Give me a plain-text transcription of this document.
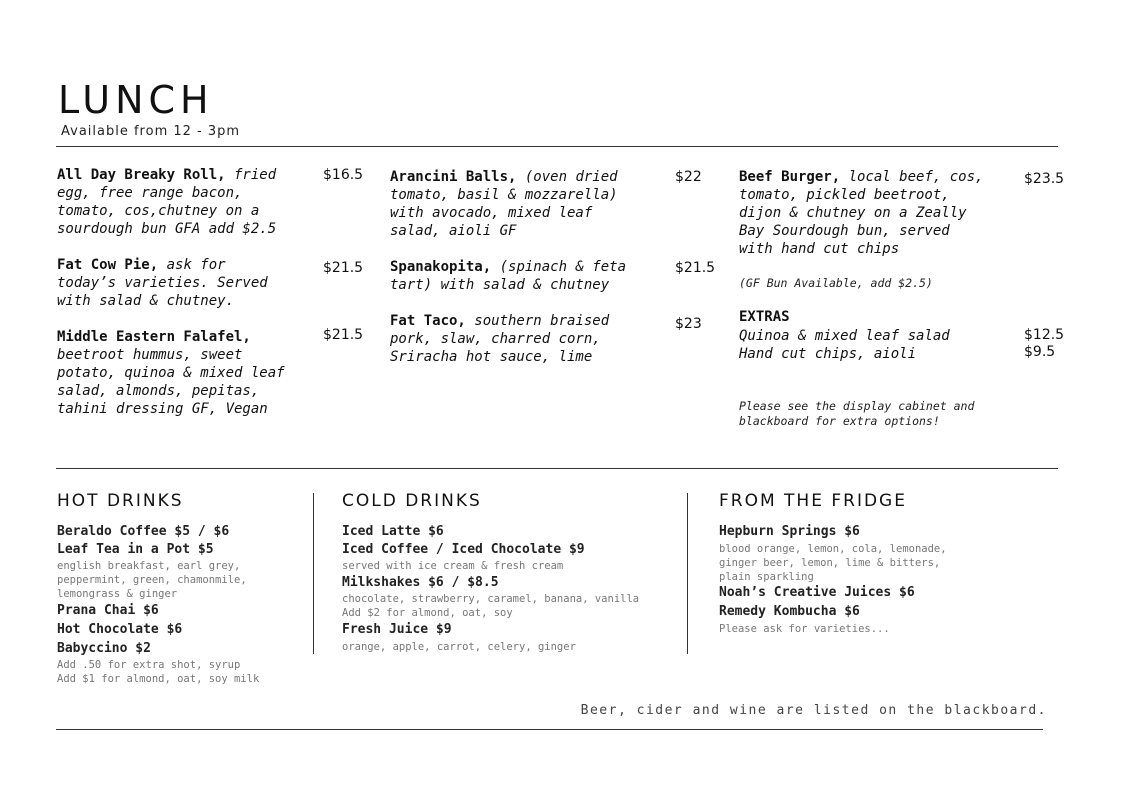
LUNCH
Available from 12 - 3pm
All Day Breaky Roll, fried
egg, free range bacon,
tomato, cos,chutney on a
sourdough bun GFA add $2.5
$16.5
Fat Cow Pie, ask for
today’s varieties. Served
with salad & chutney.
$21.5
Middle Eastern Falafel,
beetroot hummus, sweet
potato, quinoa & mixed leaf
salad, almonds, pepitas,
tahini dressing GF, Vegan
$21.5
Arancini Balls, (oven dried
tomato, basil & mozzarella)
with avocado, mixed leaf
salad, aioli GF
$22
Spanakopita, (spinach & feta
tart) with salad & chutney
$21.5
Fat Taco, southern braised
pork, slaw, charred corn,
Sriracha hot sauce, lime
$23
Beef Burger, local beef, cos,
tomato, pickled beetroot,
dijon & chutney on a Zeally
Bay Sourdough bun, served
with hand cut chips
$23.5
(GF Bun Available, add $2.5)
EXTRAS
Quinoa & mixed leaf salad	$12.5
Hand cut chips, aioli	$9.5
Please see the display cabinet and
blackboard for extra options!
HOT DRINKS
Beraldo Coffee $5 / $6
Leaf Tea in a Pot $5
english breakfast, earl grey,
peppermint, green, chamonmile,
lemongrass & ginger
Prana Chai $6
Hot Chocolate $6
Babyccino $2
Add .50 for extra shot, syrup
Add $1 for almond, oat, soy milk
COLD DRINKS
Iced Latte $6
Iced Coffee / Iced Chocolate $9
served with ice cream & fresh cream
Milkshakes $6 / $8.5
chocolate, strawberry, caramel, banana, vanilla
Add $2 for almond, oat, soy
Fresh Juice $9
orange, apple, carrot, celery, ginger
FROM THE FRIDGE
Hepburn Springs $6
blood orange, lemon, cola, lemonade,
ginger beer, lemon, lime & bitters,
plain sparkling
Noah’s Creative Juices $6
Remedy Kombucha $6
Please ask for varieties...
Beer, cider and wine are listed on the blackboard.
